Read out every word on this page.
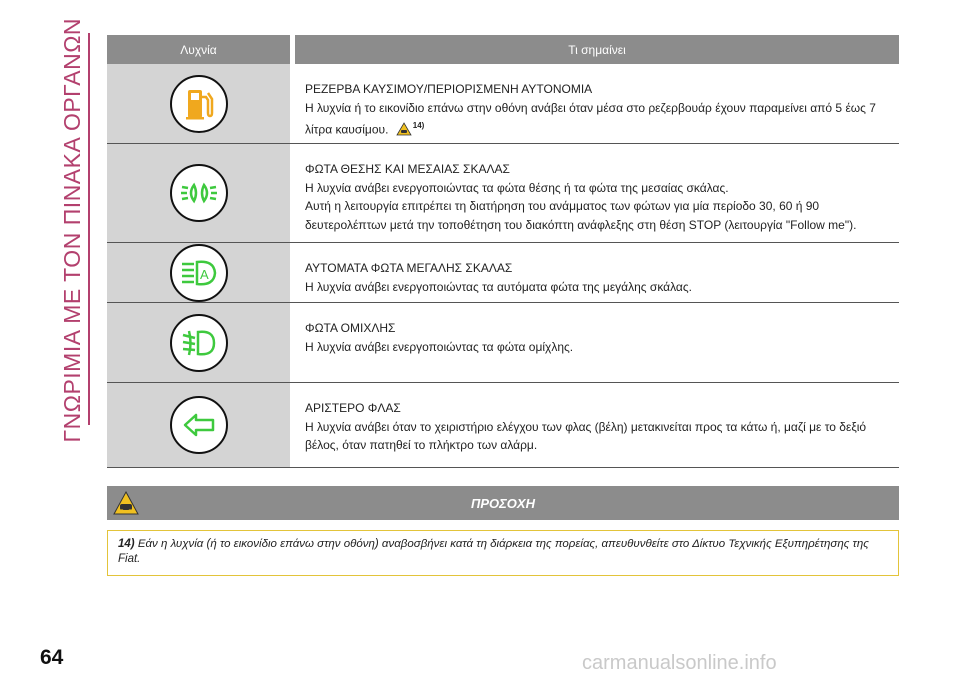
ΓΝΩΡΙΜΙΑ ΜΕ ΤΟΝ ΠΙΝΑΚΑ ΟΡΓΑΝΩΝ	Λυχνία	Τι σημαίνει
ΡΕΖΕΡΒΑ ΚΑΥΣΙΜΟΥ/ΠΕΡΙΟΡΙΣΜΕΝΗ ΑΥΤΟΝΟΜΙΑ
Η λυχνία ή το εικονίδιο επάνω στην οθόνη ανάβει όταν μέσα στο ρεζερβουάρ έχουν παραμείνει από 5 έως 7 λίτρα καυσίμου.	14)
ΦΩΤΑ ΘΕΣΗΣ ΚΑΙ ΜΕΣΑΙΑΣ ΣΚΑΛΑΣ
Η λυχνία ανάβει ενεργοποιώντας τα φώτα θέσης ή τα φώτα της μεσαίας σκάλας.
Αυτή η λειτουργία επιτρέπει τη διατήρηση του ανάμματος των φώτων για μία περίοδο 30, 60 ή 90 δευτερολέπτων μετά την τοποθέτηση του διακόπτη ανάφλεξης στη θέση STOP (λειτουργία "Follow me").
A	ΑΥΤΟΜΑΤΑ ΦΩΤΑ ΜΕΓΑΛΗΣ ΣΚΑΛΑΣ
Η λυχνία ανάβει ενεργοποιώντας τα αυτόματα φώτα της μεγάλης σκάλας.
ΦΩΤΑ ΟΜΙΧΛΗΣ
Η λυχνία ανάβει ενεργοποιώντας τα φώτα ομίχλης.
ΑΡΙΣΤΕΡΟ ΦΛΑΣ
Η λυχνία ανάβει όταν το χειριστήριο ελέγχου των φλας (βέλη) μετακινείται προς τα κάτω ή, μαζί με το δεξιό βέλος, όταν πατηθεί το πλήκτρο των αλάρμ.
ΠΡΟΣΟΧΗ
14) Εάν η λυχνία (ή το εικονίδιο επάνω στην οθόνη) αναβοσβήνει κατά τη διάρκεια της πορείας, απευθυνθείτε στο Δίκτυο Τεχνικής Εξυπηρέτησης της Fiat.
64	carmanualsonline.info
